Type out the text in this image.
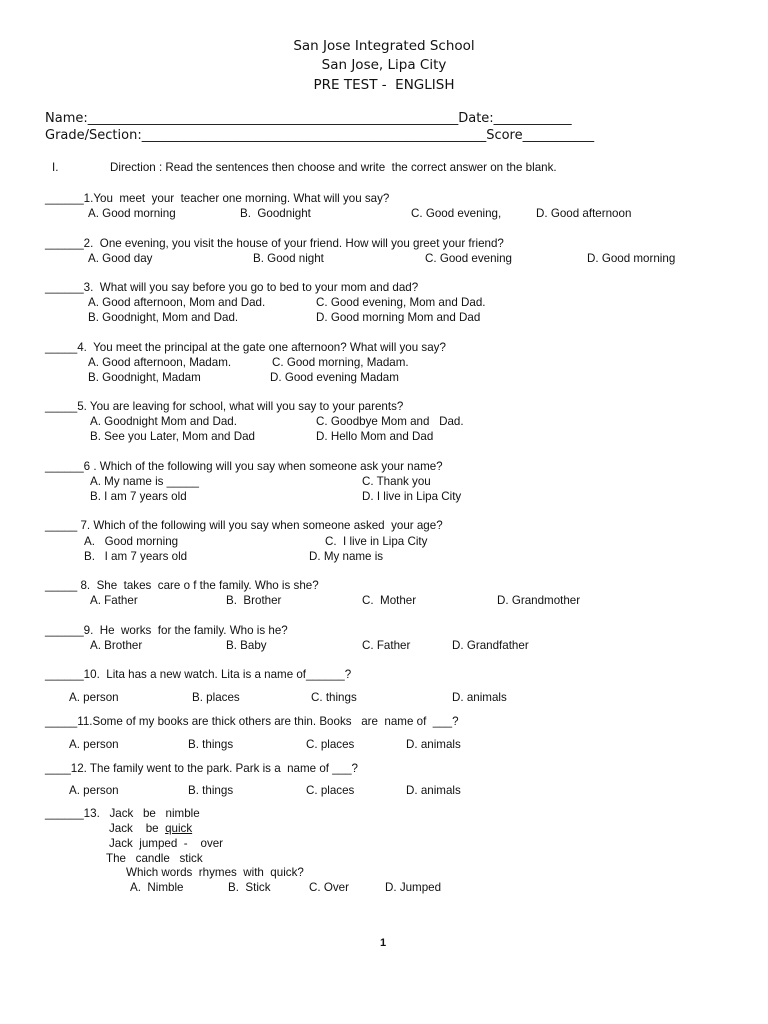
San Jose Integrated School
San Jose, Lipa City
PRE TEST -  ENGLISH
Name:_________________________________________________________Date:____________
Grade/Section:_____________________________________________________Score___________
I.	Direction : Read the sentences then choose and write  the correct answer on the blank.
______1.You  meet  your  teacher one morning. What will you say?
A. Good morning	B.  Goodnight	C. Good evening,	D. Good afternoon
______2.  One evening, you visit the house of your friend. How will you greet your friend?
A. Good day	B. Good night	C. Good evening	D. Good morning
______3.  What will you say before you go to bed to your mom and dad?
A. Good afternoon, Mom and Dad.	C. Good evening, Mom and Dad.
B. Goodnight, Mom and Dad.	D. Good morning Mom and Dad
_____4.  You meet the principal at the gate one afternoon? What will you say?
A. Good afternoon, Madam.	C. Good morning, Madam.
B. Goodnight, Madam	D. Good evening Madam
_____5. You are leaving for school, what will you say to your parents?
A. Goodnight Mom and Dad.	C. Goodbye Mom and   Dad.
B. See you Later, Mom and Dad	D. Hello Mom and Dad
______6 . Which of the following will you say when someone ask your name?
A. My name is _____	C. Thank you
B. I am 7 years old	D. I live in Lipa City
_____ 7. Which of the following will you say when someone asked  your age?
A.   Good morning	C.  I live in Lipa City
B.   I am 7 years old	D. My name is
_____ 8.  She  takes  care o f the family. Who is she?
A. Father	B.  Brother	C.  Mother	D. Grandmother
______9.  He  works  for the family. Who is he?
A. Brother	B. Baby	C. Father	D. Grandfather
______10.  Lita has a new watch. Lita is a name of______?
A. person	B. places	C. things	D. animals
_____11.Some of my books are thick others are thin. Books   are  name of  ___?
A. person	B. things	C. places	D. animals
____12. The family went to the park. Park is a  name of ___?
A. person	B. things	C. places	D. animals
______13.   Jack   be   nimble
Jack    be  quick
Jack  jumped  -    over
The   candle   stick
Which words  rhymes  with  quick?
A.  Nimble	B.  Stick	C. Over	D. Jumped
1
